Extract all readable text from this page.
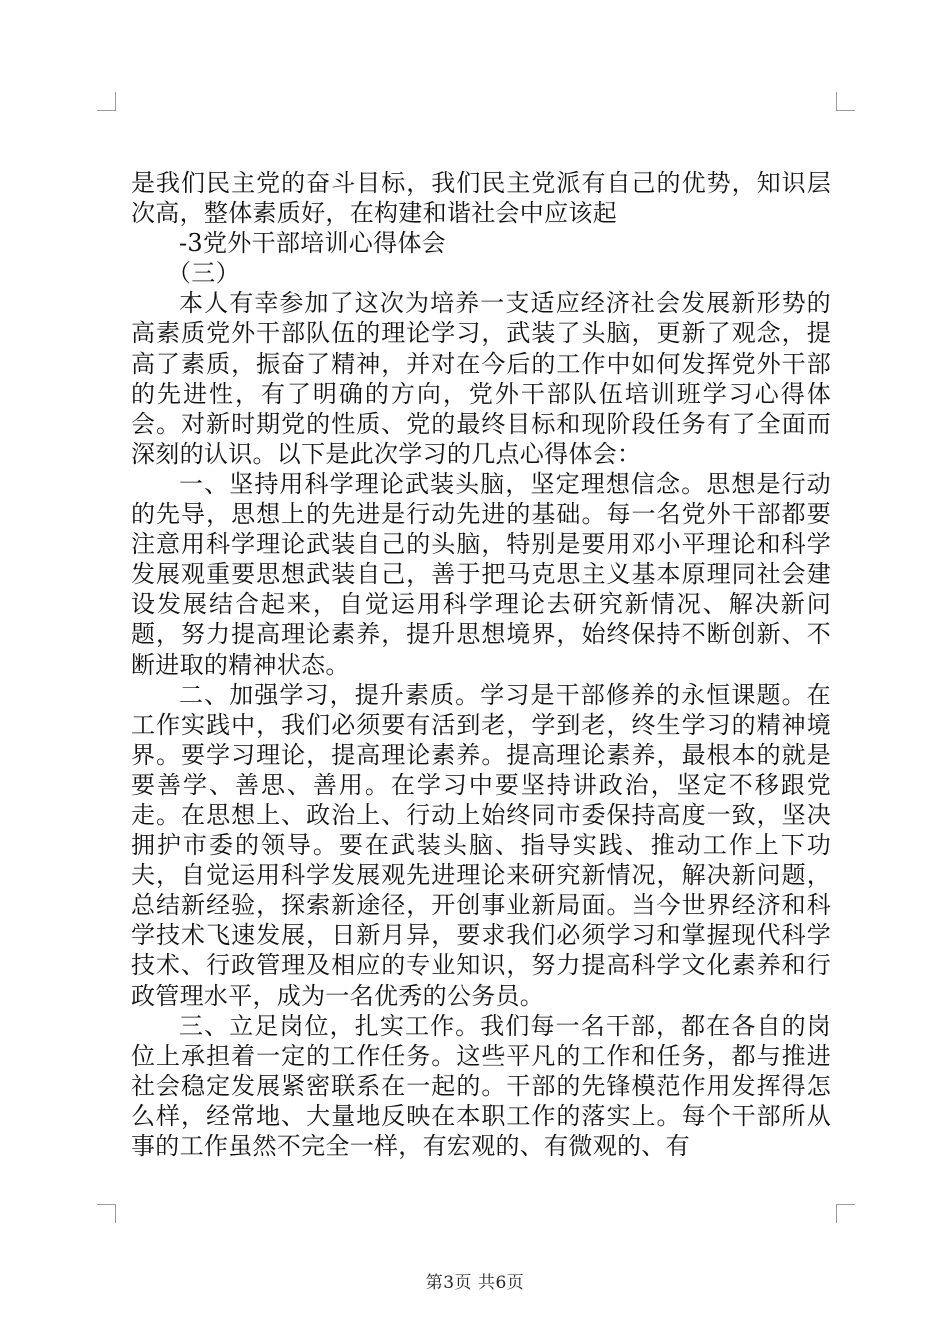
是我们民主党的奋斗目标，我们民主党派有自己的优势，知识层次高，整体素质好，在构建和谐社会中应该起

-3党外干部培训心得体会

（三）

本人有幸参加了这次为培养一支适应经济社会发展新形势的高素质党外干部队伍的理论学习，武装了头脑，更新了观念，提高了素质，振奋了精神，并对在今后的工作中如何发挥党外干部的先进性，有了明确的方向，党外干部队伍培训班学习心得体会。对新时期党的性质、党的最终目标和现阶段任务有了全面而深刻的认识。以下是此次学习的几点心得体会：

一、坚持用科学理论武装头脑，坚定理想信念。思想是行动的先导，思想上的先进是行动先进的基础。每一名党外干部都要注意用科学理论武装自己的头脑，特别是要用邓小平理论和科学发展观重要思想武装自己，善于把马克思主义基本原理同社会建设发展结合起来，自觉运用科学理论去研究新情况、解决新问题，努力提高理论素养，提升思想境界，始终保持不断创新、不断进取的精神状态。

二、加强学习，提升素质。学习是干部修养的永恒课题。在工作实践中，我们必须要有活到老，学到老，终生学习的精神境界。要学习理论，提高理论素养。提高理论素养，最根本的就是要善学、善思、善用。在学习中要坚持讲政治，坚定不移跟党走。在思想上、政治上、行动上始终同市委保持高度一致，坚决拥护市委的领导。要在武装头脑、指导实践、推动工作上下功夫，自觉运用科学发展观先进理论来研究新情况，解决新问题，总结新经验，探索新途径，开创事业新局面。当今世界经济和科学技术飞速发展，日新月异，要求我们必须学习和掌握现代科学技术、行政管理及相应的专业知识，努力提高科学文化素养和行政管理水平，成为一名优秀的公务员。

三、立足岗位，扎实工作。我们每一名干部，都在各自的岗位上承担着一定的工作任务。这些平凡的工作和任务，都与推进社会稳定发展紧密联系在一起的。干部的先锋模范作用发挥得怎么样，经常地、大量地反映在本职工作的落实上。每个干部所从事的工作虽然不完全一样，有宏观的、有微观的、有

第3页 共6页
